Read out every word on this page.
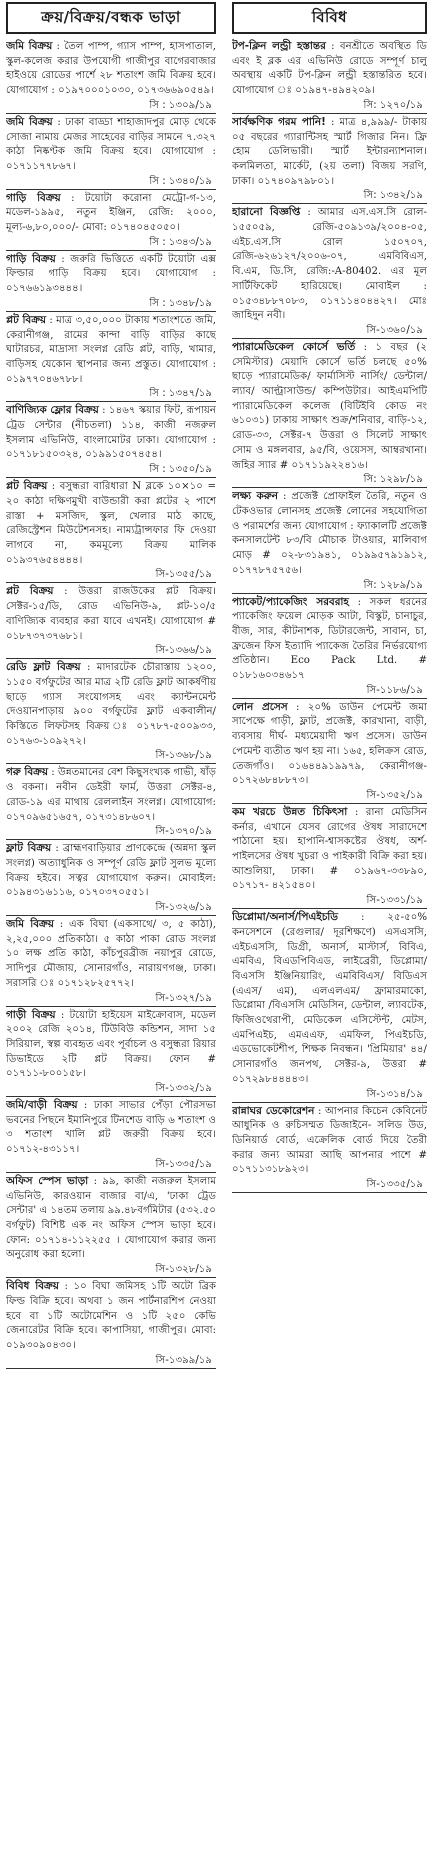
ক্রয়/বিক্রয়/বন্ধক ভাড়া

জমি বিক্রয় : তৈল পাম্প, গ্যাস পাম্প, হাসপাতাল, স্কুল-কলেজ করার উপযোগী গাজীপুর বাগেরবাজার হাইওয়ে রোডের পার্শে ২৮ শতাংশ জমি বিক্রয় হবে। যোগাযোগ : ০১৯৭০০০১০৩০, ০১৭৩৬৬৯০৫৪৯।

সি : ১৩০৯/১৯

জমি বিক্রয় : ঢাকা বাড্ডা শাহাজাদপুর মোড় থেকে সোজা নামায় মেজর সাহেবের বাড়ির সামনে ৭.৩২৭ কাঠা নিষ্কণ্টক জমি বিক্রয় হবে। যোগাযোগ : ০১৭১১৭৭৮৬৭।

সি : ১৩৪০/১৯

গাড়ি বিক্রয় : টয়োটা করোনা মেট্রো-গ-১৩, মডেল-১৯৯৫, নতুন ইঞ্জিন, রেজি: ২০০০, মূল্য-৬,৮০,০০০/- মোবা: ০১৭৪০৪৫০৫০।

সি : ১৩৪৩/১৯

গাড়ি বিক্রয় : জরুরি ভিত্তিতে একটি টয়োটা এক্স ফিল্ডার গাড়ি বিক্রয় হবে। যোগাযোগ : ০১৭৬৬১৯৩৪৪৪।

সি : ১৩৪৮/১৯

প্লট বিক্রয় : মাত্র ৩,৫০,০০০ টাকায় শতাংশতে জমি, কেরানীগঞ্জ, রামের কান্দা বাড়ি বাড়ির কাছে ঘাটারচর, মাদ্রাসা সংলগ্ন রেডি প্লট, বাড়ি, খামার, বাড়িসহ যেকোন স্থাপনার জন্য প্রস্তুত। যোগাযোগ : ০১৯৭৭০৪৬৭৮৮।

সি : ১৩৪৭/১৯

বাণিজ্যিক ফ্লোর বিক্রয় : ১৪৬৭ স্কয়ার ফিট, রূপায়ন ট্রেড সেন্টার (নীচতলা) ১১৪, কাজী নজরুল ইসলাম এভিনিউ, বাংলামোটর ঢাকা। যোগাযোগ : ০১৭১৮১৫০৩২৪, ০১৯৯১৫০৭৪৫৪।

সি : ১৩৫০/১৯

প্লট বিক্রয় : বসুন্ধরা বারিধারা N ব্লকে ১০×১০ = ২০ কাঠা দক্ষিণমুখী বাউন্ডারী করা প্লটের ২ পাশে রাস্তা + মসজিদ, স্কুল, খেলার মাঠ কাছে, রেজিস্ট্রেশন মিউটেশনসহ। নাম্যট্রান্সফার ফি দেওয়া লাগবে না, কমমূল্যে বিক্রয় মালিক ০১৯৩৭৬৫৪৪৪৪।

সি-১৩৫৫/১৯

প্লট বিক্রয় : উত্তরা রাজউকের প্লট বিক্রয়। সেক্টর-১৫/ডি, রোড এভিনিউ-৯, প্লট-১০/৫ বাণিজ্যিক ব্যবহার করা যাবে এখনই। যোগাযোগ # ০১৮৭৩৭৩৭৬৮১।

সি-১৩৬৬/১৯

রেডি ফ্লাট বিক্রয় : মাদারটেক চৌরাস্তায় ১২০০, ১১৫০ বর্গফুটের আর মাত্র ২টি রেডি ফ্লাট আকর্ষণীয় ছাড়ে গ্যাস সংযোগসহ এবং ক্যান্টনমেন্ট দেওয়ানপাড়ায় ৯০০ বর্গফুটের ফ্লাট একবালীন/কিস্তিতে লিফটসহ বিক্রয় ঃ ০১৭৮৭-৫০০৯৩৩, ০১৭৬৩-১০৯২৭২।

সি-১৩৬৮/১৯

গরু বিক্রয় : উন্নতমানের বেশ কিছুসংখ্যক গাভী, ষাঁড় ও বকনা। নবীন ডেইরী ফার্ম, উত্তরা সেক্টর-৪, রোড-১৯ এর মাথায় রেললাইন সংলগ্ন। যোগাযোগ: ০১৭০৯৬৫১৬৫৭, ০১৭৩১৪৮৬০৭।

সি-১৩৭০/১৯

ফ্লাট বিক্রয় : ব্রাহ্মণবাড়িয়ার প্রাণকেন্দ্রে (অন্নদা স্কুল সংলগ্ন) অত্যাধুনিক ও সম্পূর্ণ রেডি ফ্লাট সুলভ মূল্যে বিক্রয় হইবে। সত্বর যোগাযোগ করুন। মোবাইল: ০১৯৪৩১৬১১৬, ০১৭০৩৭০৫৫১।

সি-১৩২৬/১৯

জমি বিক্রয় : এক বিঘা (একসাথে/ ৩, ৫ কাঠা), ২,২৫,০০০ প্রতিকাঠা। ৫ কাঠা পাকা রোড সংলগ্ন ১০ লক্ষ প্রতি কাঠা, কাঁচপুরব্রীজ নয়াপুর রোডে, সাদিপুর মৌজায়, সোনারগাঁও, নারায়ণগঞ্জ, ঢাকা। সরাসরি ঃ ০১৭১২৮২৫৭৭২।

সি-১৩২৭/১৯

গাড়ী বিক্রয় : টয়োটা হাইয়েস মাইক্রোবাস, মডেল ২০০২ রেজি ২০১৪, টিউবিউ কন্ডিশন, সাদা ১৫ সিরিয়াল, স্বল্প ব্যবহৃত এবং পূর্বাচল ও বসুন্ধরা রিয়ার ডিভাইডে ২টি প্লট বিক্রয়। ফোন # ০১৭১১-৮০০১৫৮।

সি-১৩৩২/১৯

জমি/বাড়ী বিক্রয় : ঢাকা সাভার পেঁড়া পৌরসভা ভবনের পিছনে ইমানিপুরে টিনশেড বাড়ি ৬ শতাংশ ও ৩ শতাংশ খালি প্লট জরুরী বিক্রয় হবে। ০১৭১২-৪৩১১৭।

সি-১৩৩৫/১৯

অফিস স্পেস ভাড়া : ৯৯, কাজী নজরুল ইসলাম এভিনিউ, কারওয়ান বাজার বা/এ, 'ঢাকা ট্রেড সেন্টার' এ ১৪তম তলায় ৯৯.৪৮বর্গমিটার (৫৩২.৫০ বর্গফুট) বিশিষ্ট এক নং অফিস স্পেস ভাড়া হবে। ফোন: ০১৭১৪-১১২২৫৫ । যোগাযোগ করার জন্য অনুরোধ করা হলো।

সি-১৩২৮/১৯

বিবিধ বিক্রয় : ১০ বিঘা জমিসহ ১টি অটো ব্রিক ফিল্ড বিক্রি হবে। অথবা ১ জন পার্টনারশিপ নেওয়া হবে বা ১টি অটোমেশিন ও ১টি ২৫০ কেভি জেনারেটর বিক্রি হবে। কাপাসিয়া, গাজীপুর। মোবা: ০১৯৩০৯০৪৩০।

সি-১৩৯৯/১৯
বিবিধ

টপ-ক্লিন লন্ড্রী হস্তান্তর : বনশ্রীতে অবস্থিত ডি এবং ই ব্লক এর এভিনিউ রোডে সম্পূর্ণ চালু অবস্থায় একটি টপ-ক্লিন লন্ড্রী হস্তান্তরিত হবে। যোগাযোগ ঃ ০১৯৪৭-৪৯৪২০৯।

সি: ১২৭০/১৯

সার্বক্ষণিক গরম পানি! : মাত্র ৪,৯৯৯/- টাকায় ০৫ বছরের গ্যারান্টিসহ স্মার্ট গিজার নিন। ফ্রি হোম ডেলিভারী। স্মার্ট ইন্টারন্যাশনাল। কলমিলতা, মার্কেট, (২য় তলা) বিজয় সরণি, ঢাকা। ০১৭৪০৯৭৯৮০১।

সি: ১৩৪২/১৯

হারানো বিজ্ঞপ্তি : আমার এস.এস.সি রোল- ১৫৫০৫৯, রেজি-৫০৯১৩৯/২০০৪-০৫, এইচ.এস.সি রোল ১৫০৭০৭, রেজি-৬২৬১২৭/২০০৬-০৭, এমবিবিএস, বি.এম, ডি.সি, রেজি:-A-80402. এর মূল সার্টিফিকেট হারিয়েছে। মোবাইল : ০১৫৩৪৮৮৭০৮৩, ০১৭১১৪০৪৪২৭। মোঃ জাহিদুন নবী।

সি-১৩৬০/১৯

প্যারামেডিকেল কোর্সে ভর্তি : ১ বছর (২ সেমিস্টার) মেয়াদি কোর্সে ভর্তি চলছে ৫০% ছাড়ে প্যারামেডিক/ ফার্মাসিস্ট নার্সিং/ ডেন্টাল/ ল্যাব/ আল্ট্রাসাউন্ড/ কম্পিউটার। আইএমপিটি প্যারামেডিকেল কলেজ (বিটিইবি কোড নং ৬১০৩১) ঢাকায় সাক্ষাৎ শুক্র/শনিবার, বাড়ি-১২, রোড-৩৩, সেক্টর-৭ উত্তরা ও সিলেট সাক্ষাৎ সোম ও মঙ্গলবার, ৯৫/বি, ওয়েসস, আম্বরখানা। জহির স্যার # ০১৭১১৯২২৪১৬।

সি: ১২৯৮/১৯

লক্ষ্য করুন : প্রজেক্ট প্রোফাইল তৈরি, নতুন ও টেকওভার লোনসহ প্রজেক্ট লোনের সহযোগিতা ও পরামর্শের জন্য যোগাযোগ : ফ্যাকালটি প্রজেক্ট কনসালটেন্ট ৮৩/বি মৌচাক টাওয়ার, মালিবাগ মোড় # ০২-৮৩১৯৪১, ০১৯৯৫৭৯১৯১২, ০১৭৭৮৭৫৭৫৬।

সি: ১২৮৯/১৯

প্যাকেট/প্যাকেজিং সরবরাহ : সকল ধরনের প্যাকেজিং ফয়েল মোড়ক আটা, বিস্কুট, চানাচুর, বীজ, সার, কীটনাশক, ডিটারজেন্ট, সাবান, চা, ফ্রজেন ফিস ইত্যাদি প্যাকেজ তৈরির নির্ভরযোগ্য প্রতিষ্ঠান। Eco Pack Ltd. # ০১৮১৬০৩৪৬১৭

সি-১১৮৬/১৯

লোন প্রসেস : ২০% ডাউন পেমেন্ট জমা সাপেক্ষে গাড়ী, ফ্লাট, প্রজেক্ট, কারখানা, বাড়ী, ব্যবসায় দীর্ঘ- মধ্যমেয়াদী ঋণ প্রসেস। ডাউন পেমেন্ট ব্যতীত ঋণ হয় না। ১৬৫, হলিক্রস রোড, তেজগাঁও। ০১৬৪৪৯১৯৯৭৯, কেরানীগঞ্জ- ০১৭২৬৮৪৮৮৭৩।

সি-১৩৫২/১৯

কম খরচে উন্নত চিকিৎসা : রানা মেডিসিন কর্নার, এখানে যেসব রোগের ঔষধ সারাদেশে পাঠানো হয়। হাপানি-শ্বাসকষ্টের ঔষধ, অর্শ-পাইলসের ঔষধ খুচরা ও পাইকারী বিক্রি করা হয়। আশুলিয়া, ঢাকা। # ০১৯৬৭-৩৩৮৯০, ০১৭১৭- ৪২১৫৪০।

সি-১৩৩১/১৯

ডিপ্লোমা/অনার্স/পিএইচডি : ২৫-৫০% কনসেশনে (রেগুলার/ দূরশিক্ষণে) এসএসসি, এইচএসসি, ডিগ্রী, অনার্স, মাস্টার্স, বিবিএ, এমবিএ, বিএডপিবিএড, লাইব্রেরী, ডিপ্লোমা/ বিএসসি ইঞ্জিনিয়ারিং, এমবিবিএস/ বিডিএস (এএস/ এম), এলএলএম/ ফ্রামারমাকো, ডিপ্লোমা /বিএসসি মেডিসিন, ডেন্টাল, ল্যাবটেক, ফিজিওথেরাপী, মেডিকেল এসিস্টেন্ট, মেটস, এমপিএইচ, এমএএফ, এমফিল, পিএইচডি, এডভোকেটশীপ, শিক্ষক নিবন্ধন। 'প্রিমিয়ার' ৪৪/সোনারগাঁও জনপথ, সেক্টর-৯, উত্তরা # ০১৭২৯৮৪৪৪৪৩।

সি-১৩১৪/১৯

রান্নাঘর ডেকোরেশন : আপনার কিচেন কেবিনেট আধুনিক ও রুচিসম্মত ডিজাইনে- সলিড উড, ডিনিয়ার্ড বোর্ড, এক্রেলিক বোর্ড দিয়ে তৈরী করার জন্য আমরা আছি আপনার পাশে # ০১৭১১৩১৮৯২৩।

সি-১৩৩৫/১৯
